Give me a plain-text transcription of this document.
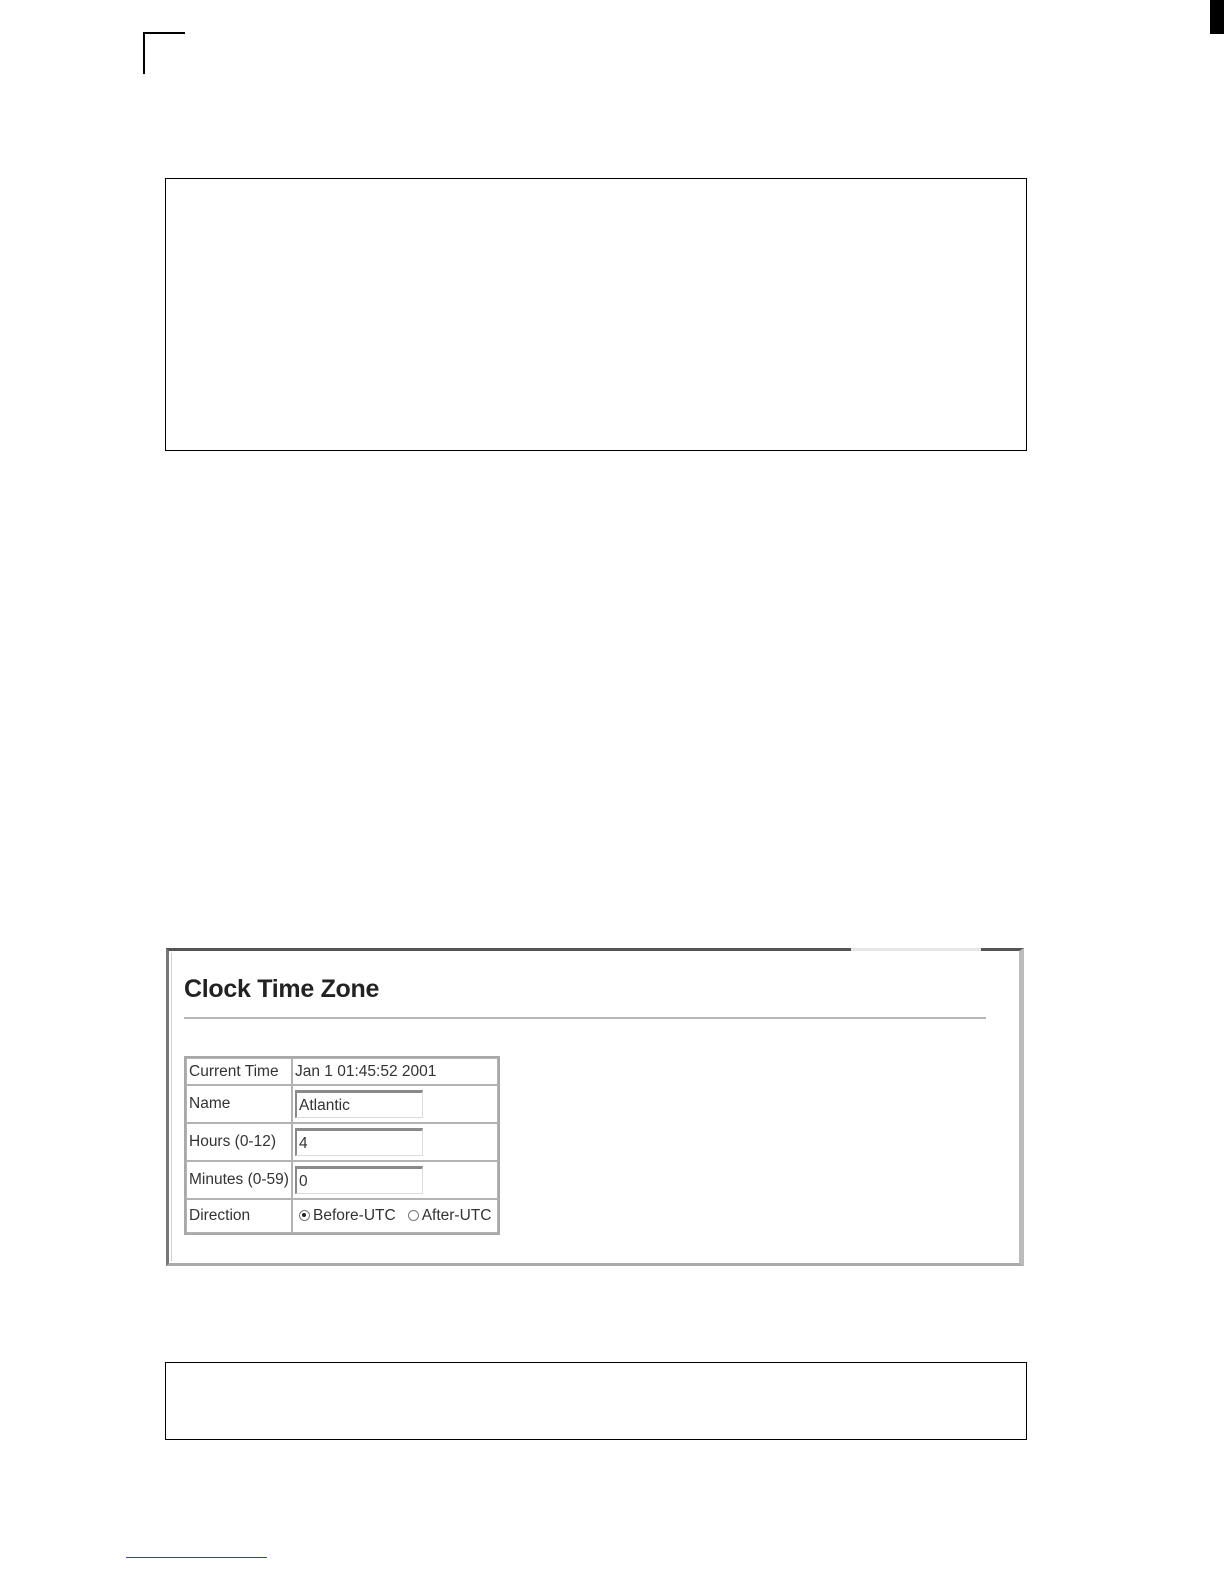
Clock Time Zone
Current Time	Jan 1 01:45:52 2001
Name	Atlantic
Hours (0-12)	4
Minutes (0-59)	0
Direction	Before-UTC After-UTC
